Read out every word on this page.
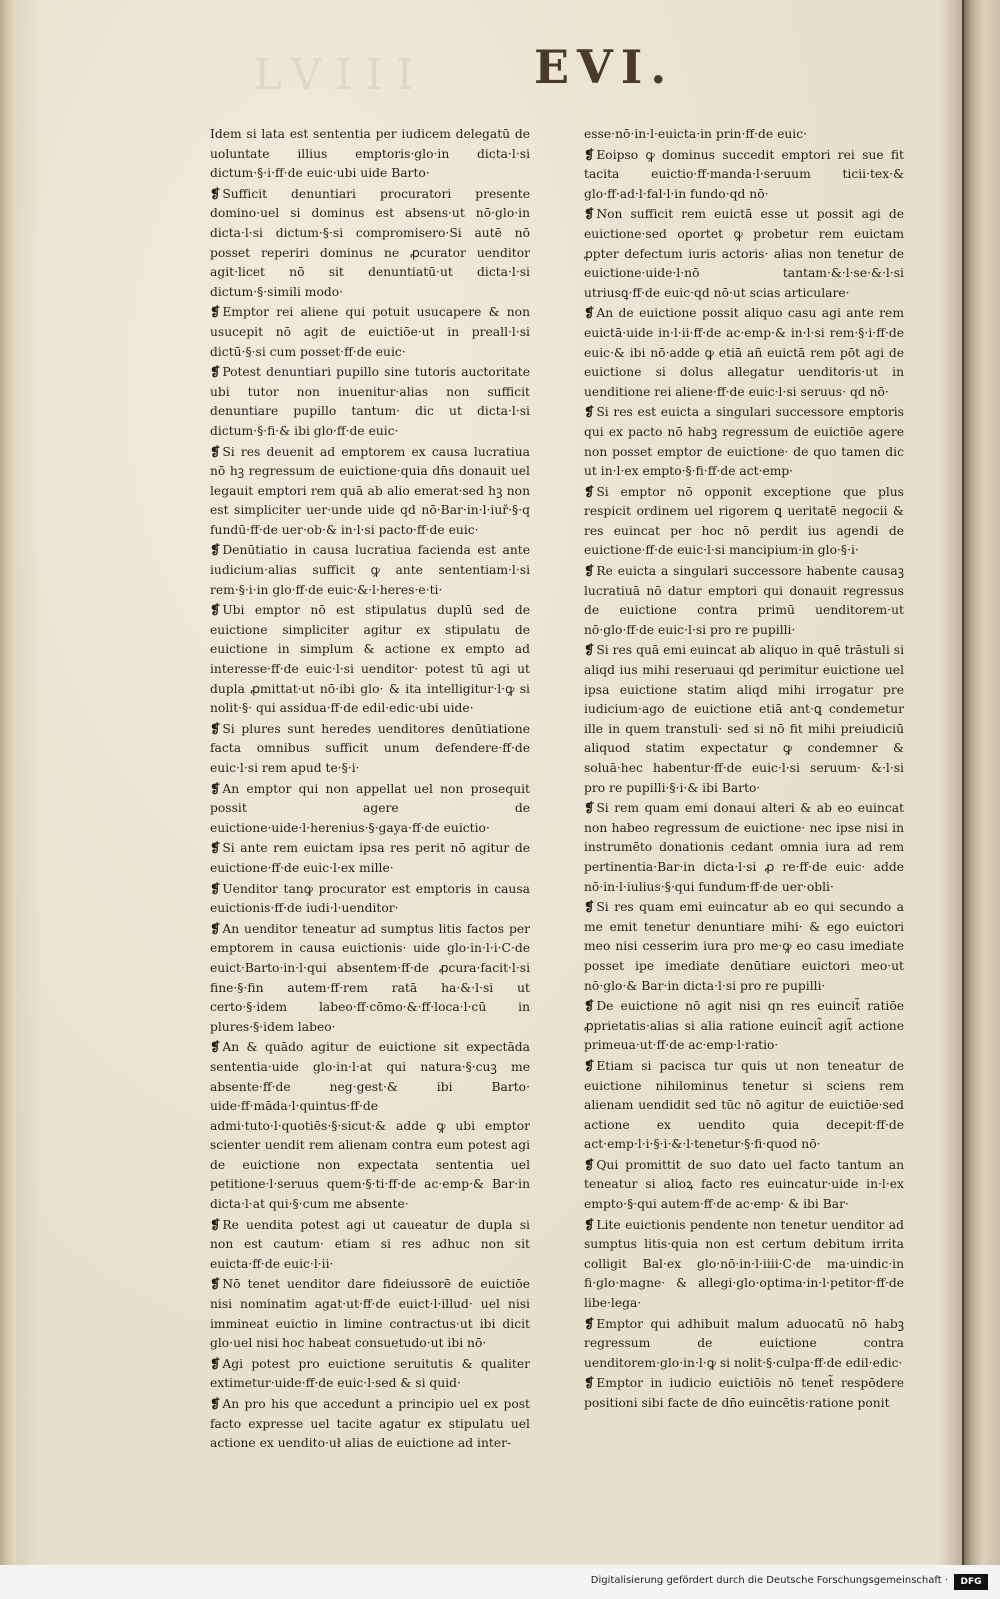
LVIII	EVI.
Idem si lata est sententia per iudicem delegatū de uoluntate illius emptoris·glo·in dicta·l·si dictum·§·i·ff·de euic·ubi uide Barto·
❡ Sufficit denuntiari procuratori presente domino·uel si dominus est absens·ut nō·glo·in dicta·l·si dictum·§·si compromisero·Si autē nō posset reperiri dominus ne ꝓcurator uenditor agit·licet nō sit denuntiatū·ut dicta·l·si dictum·§·simili modo·
❡ Emptor rei aliene qui potuit usucapere & non usucepit nō agit de euictiōe·ut in preall·l·si dictū·§·si cum posset·ff·de euic·
❡ Potest denuntiari pupillo sine tutoris auctoritate ubi tutor non inuenitur·alias non sufficit denuntiare pupillo tantum· dic ut dicta·l·si dictum·§·fi·& ibi glo·ff·de euic·
❡ Si res deuenit ad emptorem ex causa lucratiua nō hꝫ regressum de euictione·quia dn̄s donauit uel legauit emptori rem quā ab alio emerat·sed hꝫ non est simpliciter uer·unde uide qd nō·Bar·in·l·iuř·§·q fundū·ff·de uer·ob·& in·l·si pacto·ff·de euic·
❡ Denūtiatio in causa lucratiua facienda est ante iudicium·alias sufficit ꝙ ante sententiam·l·si rem·§·i·in glo·ff·de euic·&·l·heres·e·ti·
❡ Ubi emptor nō est stipulatus duplū sed de euictione simpliciter agitur ex stipulatu de euictione in simplum & actione ex empto ad interesse·ff·de euic·l·si uenditor· potest tū agi ut dupla ꝓmittat·ut nō·ibi glo· & ita intelligitur·l·ꝙ si nolit·§· qui assidua·ff·de edil·edic·ubi uide·
❡ Si plures sunt heredes uenditores denūtiatione facta omnibus sufficit unum defendere·ff·de euic·l·si rem apud te·§·i·
❡ An emptor qui non appellat uel non prosequit possit agere de euictione·uide·l·herenius·§·gaya·ff·de euictio·
❡ Si ante rem euictam ipsa res perit nō agitur de euictione·ff·de euic·l·ex mille·
❡ Uenditor tanꝙ procurator est emptoris in causa euictionis·ff·de iudi·l·uenditor·
❡ An uenditor teneatur ad sumptus litis factos per emptorem in causa euictionis· uide glo·in·l·i·C·de euict·Barto·in·l·qui absentem·ff·de ꝓcura·facit·l·si fine·§·fin autem·ff·rem ratā ha·&·l·si ut certo·§·idem labeo·ff·cōmo·&·ff·loca·l·cū in plures·§·idem labeo·
❡ An & quādo agitur de euictione sit expectāda sententia·uide glo·in·l·at qui natura·§·cuꝫ me absente·ff·de neg·gest·& ibi Barto· uide·ff·māda·l·quintus·ff·de admi·tuto·l·quotiēs·§·sicut·& adde ꝙ ubi emptor scienter uendit rem alienam contra eum potest agi de euictione non expectata sententia uel petitione·l·seruus quem·§·ti·ff·de ac·emp·& Bar·in dicta·l·at qui·§·cum me absente·
❡ Re uendita potest agi ut caueatur de dupla si non est cautum· etiam si res adhuc non sit euicta·ff·de euic·l·ii·
❡ Nō tenet uenditor dare fideiussorē de euictiōe nisi nominatim agat·ut·ff·de euict·l·illud· uel nisi immineat euictio in limine contractus·ut ibi dicit glo·uel nisi hoc habeat consuetudo·ut ibi nō·
❡ Agi potest pro euictione seruitutis & qualiter extimetur·uide·ff·de euic·l·sed & si quid·
❡ An pro his que accedunt a principio uel ex post facto expresse uel tacite agatur ex stipulatu uel actione ex uendito·uł alias de euictione ad inter-
esse·nō·in·l·euicta·in prin·ff·de euic·
❡ Eoipso ꝙ dominus succedit emptori rei sue fit tacita euictio·ff·manda·l·seruum ticii·tex·& glo·ff·ad·l·fal·l·in fundo·qd nō·
❡ Non sufficit rem euictā esse ut possit agi de euictione·sed oportet ꝙ probetur rem euictam ꝓpter defectum iuris actoris· alias non tenetur de euictione·uide·l·nō tantam·&·l·se·&·l·si utriusꝗ·ff·de euic·qd nō·ut scias articulare·
❡ An de euictione possit aliquo casu agi ante rem euictā·uide in·l·ii·ff·de ac·emp·& in·l·si rem·§·i·ff·de euic·& ibi nō·adde ꝙ etiā añ euictā rem pōt agi de euictione si dolus allegatur uenditoris·ut in uenditione rei aliene·ff·de euic·l·si seruus· qd nō·
❡ Si res est euicta a singulari successore emptoris qui ex pacto nō habꝫ regressum de euictiōe agere non posset emptor de euictione· de quo tamen dic ut in·l·ex empto·§·fi·ff·de act·emp·
❡ Si emptor nō opponit exceptione que plus respicit ordinem uel rigorem ꝗ ueritatē negocii & res euincat per hoc nō perdit ius agendi de euictione·ff·de euic·l·si mancipium·in glo·§·i·
❡ Re euicta a singulari successore habente causaꝫ lucratiuā nō datur emptori qui donauit regressus de euictione contra primū uenditorem·ut nō·glo·ff·de euic·l·si pro re pupilli·
❡ Si res quā emi euincat ab aliquo in quē trāstuli si aliqd ius mihi reseruaui qd perimitur euictione uel ipsa euictione statim aliqd mihi irrogatur pre iudicium·ago de euictione etiā ant·ꝗ condemetur ille in quem transtuli· sed si nō fit mihi preiudiciū aliquod statim expectatur ꝙ condemner & soluā·hec habentur·ff·de euic·l·si seruum· &·l·si pro re pupilli·§·i·& ibi Barto·
❡ Si rem quam emi donaui alteri & ab eo euincat non habeo regressum de euictione· nec ipse nisi in instrumēto donationis cedant omnia iura ad rem pertinentia·Bar·in dicta·l·si ꝓ re·ff·de euic· adde nō·in·l·iulius·§·qui fundum·ff·de uer·obli·
❡ Si res quam emi euincatur ab eo qui secundo a me emit tenetur denuntiare mihi· & ego euictori meo nisi cesserim iura pro me·ꝙ eo casu imediate posset ipe imediate denūtiare euictori meo·ut nō·glo·& Bar·in dicta·l·si pro re pupilli·
❡ De euictione nō agit nisi qn res euincit̃ ratiōe ꝓprietatis·alias si alia ratione euincit̃ agit̃ actione primeua·ut·ff·de ac·emp·l·ratio·
❡ Etiam si pacisca tur quis ut non teneatur de euictione nihilominus tenetur si sciens rem alienam uendidit sed tūc nō agitur de euictiōe·sed actione ex uendito quia decepit·ff·de act·emp·l·i·§·i·&·l·tenetur·§·fi·quod nō·
❡ Qui promittit de suo dato uel facto tantum an teneatur si alioꝝ facto res euincatur·uide in·l·ex empto·§·qui autem·ff·de ac·emp· & ibi Bar·
❡ Lite euictionis pendente non tenetur uenditor ad sumptus litis·quia non est certum debitum irrita colligit Bal·ex glo·nō·in·l·iiii·C·de ma·uindic·in fi·glo·magne· & allegi·glo·optima·in·l·petitor·ff·de libe·lega·
❡ Emptor qui adhibuit malum aduocatū nō habꝫ regressum de euictione contra uenditorem·glo·in·l·ꝙ si nolit·§·culpa·ff·de edil·edic·
❡ Emptor in iudicio euictiōis nō tenet̃ respōdere positioni sibi facte de dn̄o euincētis·ratione ponit
Digitalisierung gefördert durch die Deutsche Forschungsgemeinschaft ·	DFG
